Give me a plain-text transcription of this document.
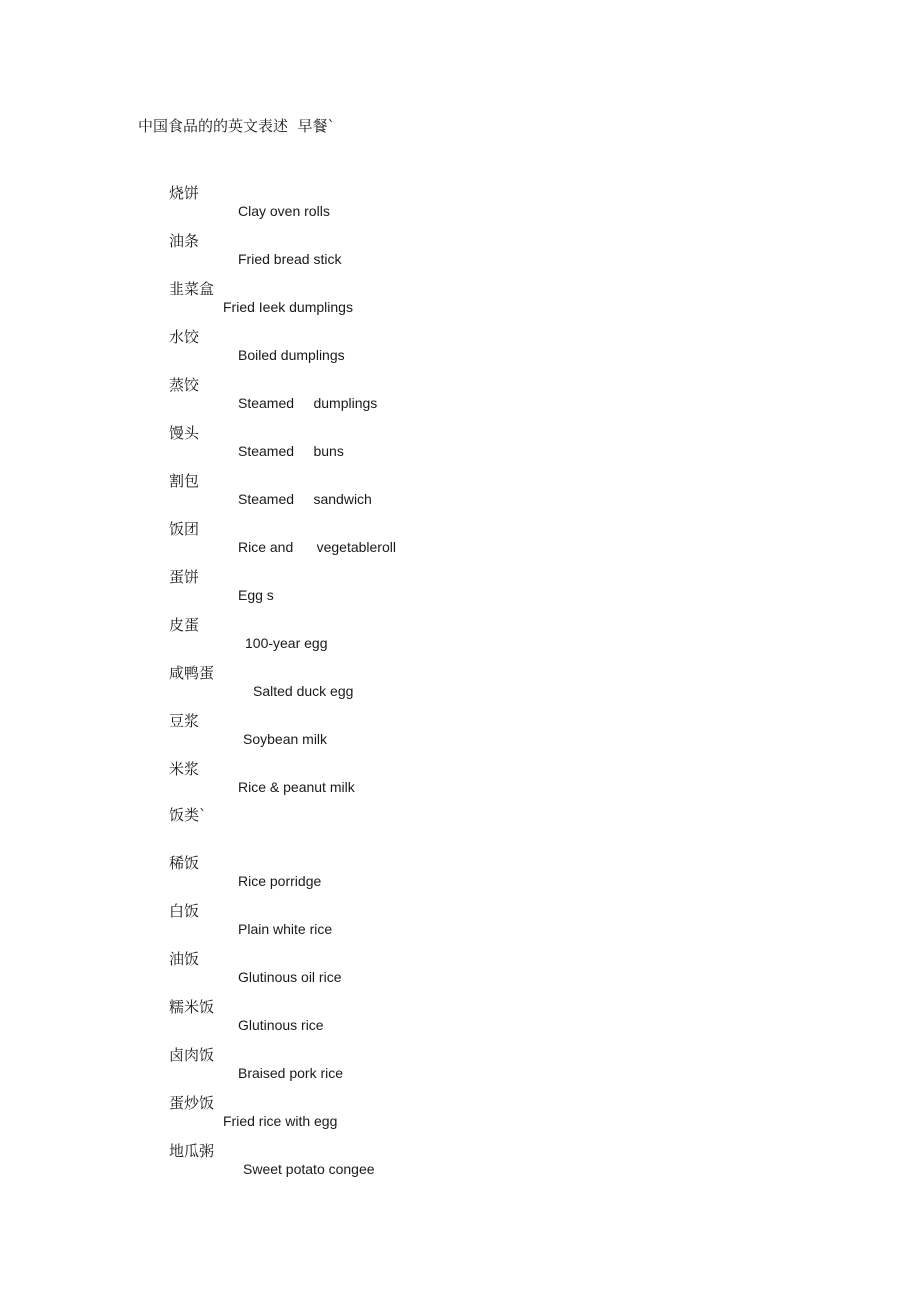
中国食品的的英文表述  早餐`

烧饼

Clay oven rolls

油条

Fried bread stick

韭菜盒

Fried Ieek dumplings

水饺

Boiled dumplings

蒸饺

Steamed     dumplings

馒头

Steamed     buns

割包

Steamed     sandwich

饭团

Rice and      vegetableroll

蛋饼

Egg s

皮蛋

100-year egg

咸鸭蛋

Salted duck egg

豆浆

Soybean milk

米浆

Rice & peanut milk

饭类`

稀饭

Rice porridge

白饭

Plain white rice

油饭

Glutinous oil rice

糯米饭

Glutinous rice

卤肉饭

Braised pork rice

蛋炒饭

Fried rice with egg

地瓜粥

Sweet potato congee
